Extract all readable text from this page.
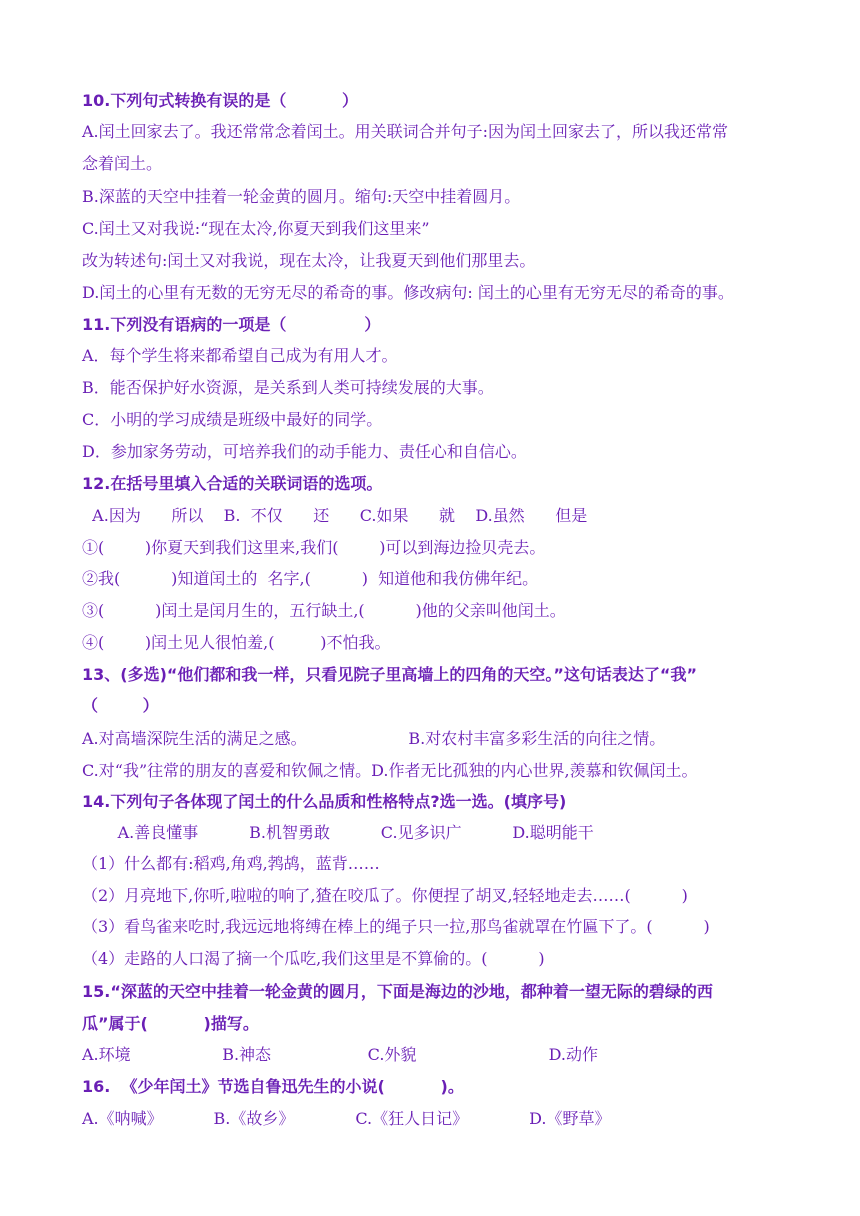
10.下列句式转换有误的是（          ）
A.闰土回家去了。我还常常念着闰土。用关联词合并句子:因为闰土回家去了，所以我还常常
念着闰土。
B.深蓝的天空中挂着一轮金黄的圆月。缩句:天空中挂着圆月。
C.闰土又对我说:“现在太冷,你夏天到我们这里来”
改为转述句:闰土又对我说，现在太冷，让我夏天到他们那里去。
D.闰土的心里有无数的无穷无尽的希奇的事。修改病句: 闰土的心里有无穷无尽的希奇的事。
11.下列没有语病的一项是（              ）
A．每个学生将来都希望自己成为有用人才。
B．能否保护好水资源，是关系到人类可持续发展的大事。
C．小明的学习成绩是班级中最好的同学。
D．参加家务劳动，可培养我们的动手能力、责任心和自信心。
12.在括号里填入合适的关联词语的选项。
A.因为      所以    B.  不仅      还      C.如果      就    D.虽然      但是
①(        )你夏天到我们这里来,我们(        )可以到海边捡贝壳去。
②我(          )知道闰土的  名字,(          )  知道他和我仿佛年纪。
③(          )闰土是闰月生的，五行缺土,(          )他的父亲叫他闰土。
④(        )闰土见人很怕羞,(         )不怕我。
13、(多选)“他们都和我一样，只看见院子里高墙上的四角的天空。”这句话表达了“我”
（        ）
A.对高墙深院生活的满足之感。                    B.对农村丰富多彩生活的向往之情。
C.对“我”往常的朋友的喜爱和钦佩之情。D.作者无比孤独的内心世界,羡慕和钦佩闰土。
14.下列句子各体现了闰土的什么品质和性格特点?选一选。(填序号)
A.善良懂事          B.机智勇敢          C.见多识广          D.聪明能干
（1）什么都有:稻鸡,角鸡,鹁鸪，蓝背……
（2）月亮地下,你听,啦啦的响了,猹在咬瓜了。你便捏了胡叉,轻轻地走去……(          )
（3）看鸟雀来吃时,我远远地将缚在棒上的绳子只一拉,那鸟雀就罩在竹匾下了。(          )
（4）走路的人口渴了摘一个瓜吃,我们这里是不算偷的。(          )
15.“深蓝的天空中挂着一轮金黄的圆月，下面是海边的沙地，都种着一望无际的碧绿的西
瓜”属于(          )描写。
A.环境                  B.神态                   C.外貌                          D.动作
16.  《少年闰土》节选自鲁迅先生的小说(          )。
A.《呐喊》          B.《故乡》            C.《狂人日记》            D.《野草》
